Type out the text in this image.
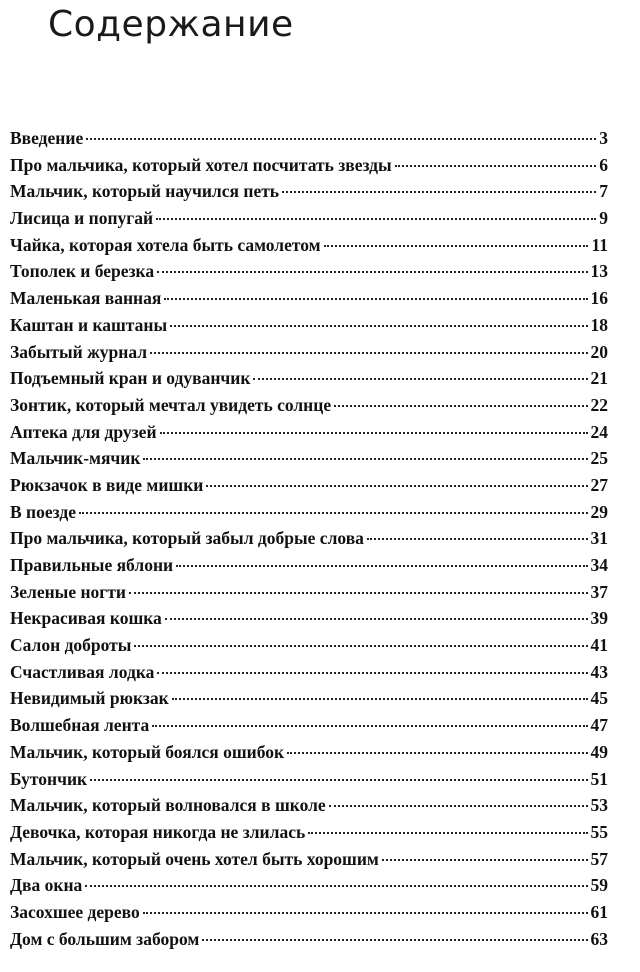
Содержание
Введение	3
Про мальчика, который хотел посчитать звезды	6
Мальчик, который научился петь	7
Лисица и попугай	9
Чайка, которая хотела быть самолетом	11
Тополек и березка	13
Маленькая ванная	16
Каштан и каштаны	18
Забытый журнал	20
Подъемный кран и одуванчик	21
Зонтик, который мечтал увидеть солнце	22
Аптека для друзей	24
Мальчик-мячик	25
Рюкзачок в виде мишки	27
В поезде	29
Про мальчика, который забыл добрые слова	31
Правильные яблони	34
Зеленые ногти	37
Некрасивая кошка	39
Салон доброты	41
Счастливая лодка	43
Невидимый рюкзак	45
Волшебная лента	47
Мальчик, который боялся ошибок	49
Бутончик	51
Мальчик, который волновался в школе	53
Девочка, которая никогда не злилась	55
Мальчик, который очень хотел быть хорошим	57
Два окна	59
Засохшее дерево	61
Дом с большим забором	63
